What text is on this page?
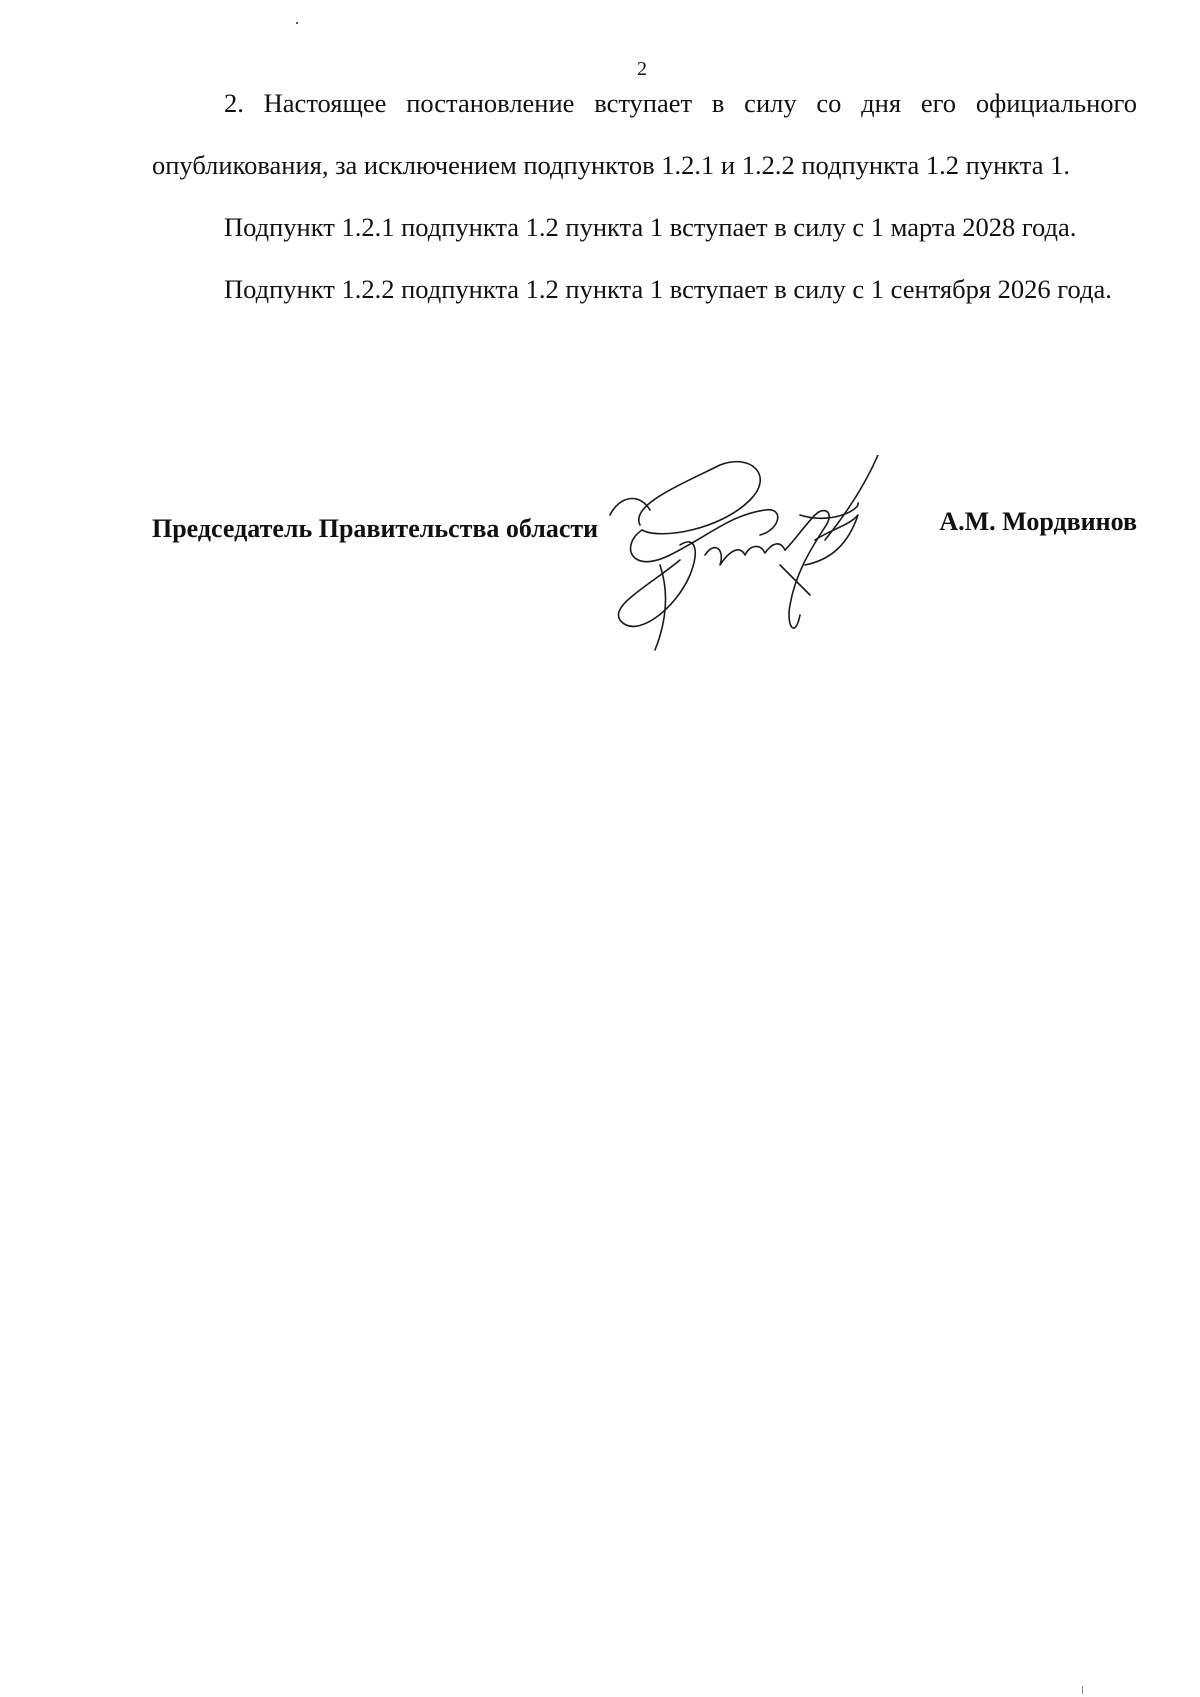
2

2. Настоящее постановление вступает в силу со дня его официального опубликования, за исключением подпунктов 1.2.1 и 1.2.2 подпункта 1.2 пункта 1.

Подпункт 1.2.1 подпункта 1.2 пункта 1 вступает в силу с 1 марта 2028 года.

Подпункт 1.2.2 подпункта 1.2 пункта 1 вступает в силу с 1 сентября 2026 года.

Председатель Правительства области	А.М. Мордвинов
